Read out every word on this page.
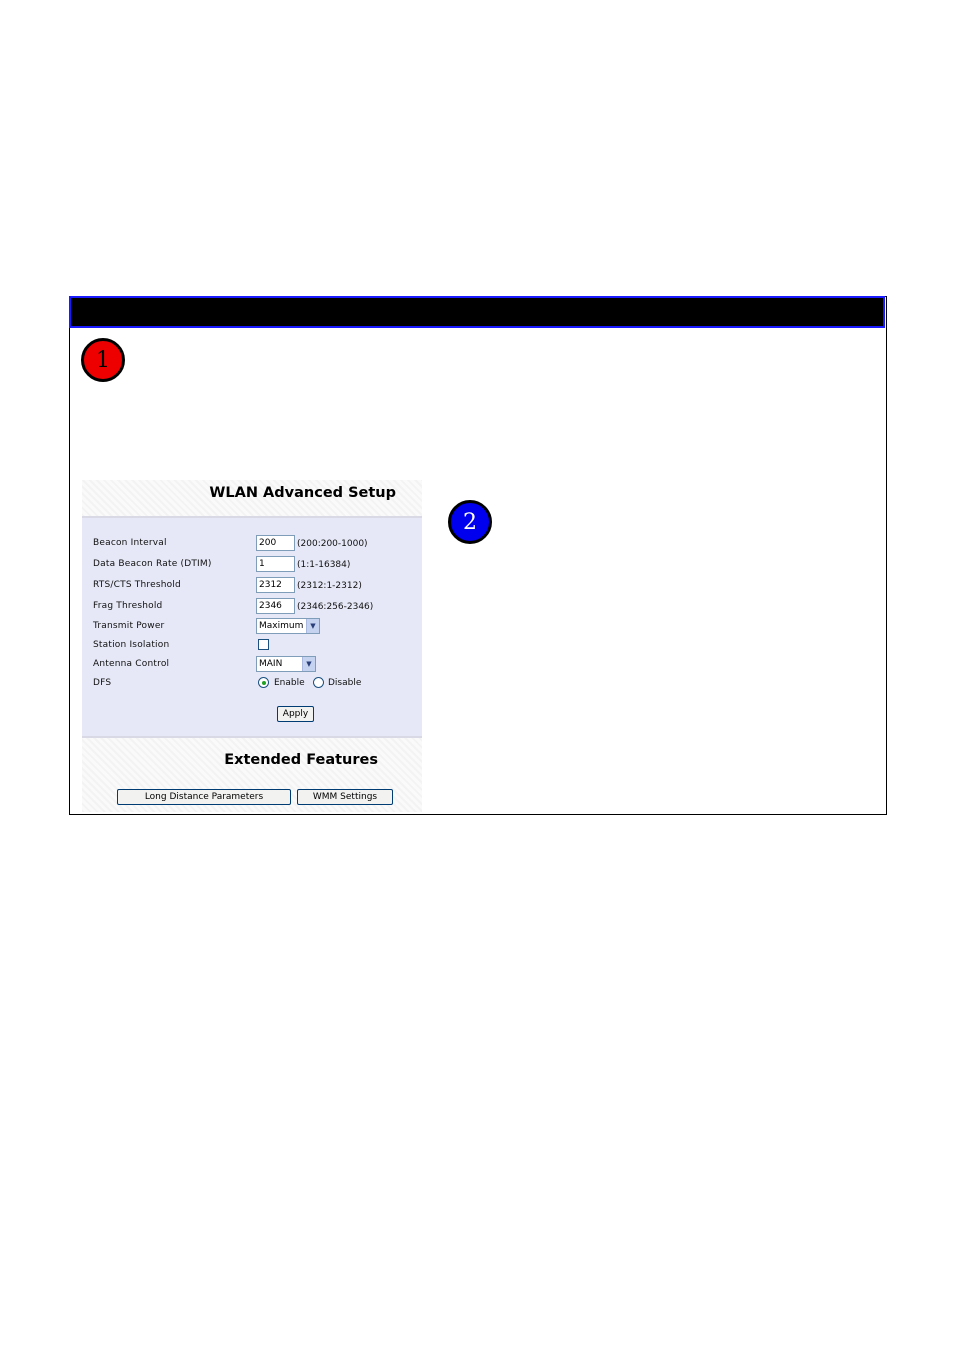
1
2
WLAN Advanced Setup
Beacon Interval	200	(200:200-1000)
Data Beacon Rate (DTIM)	1	(1:1-16384)
RTS/CTS Threshold	2312	(2312:1-2312)
Frag Threshold	2346	(2346:256-2346)
Transmit Power	Maximum ▼
Station Isolation
Antenna Control	MAIN	▼
DFS	Enable	Disable
Apply
Extended Features
Long Distance Parameters	WMM Settings
